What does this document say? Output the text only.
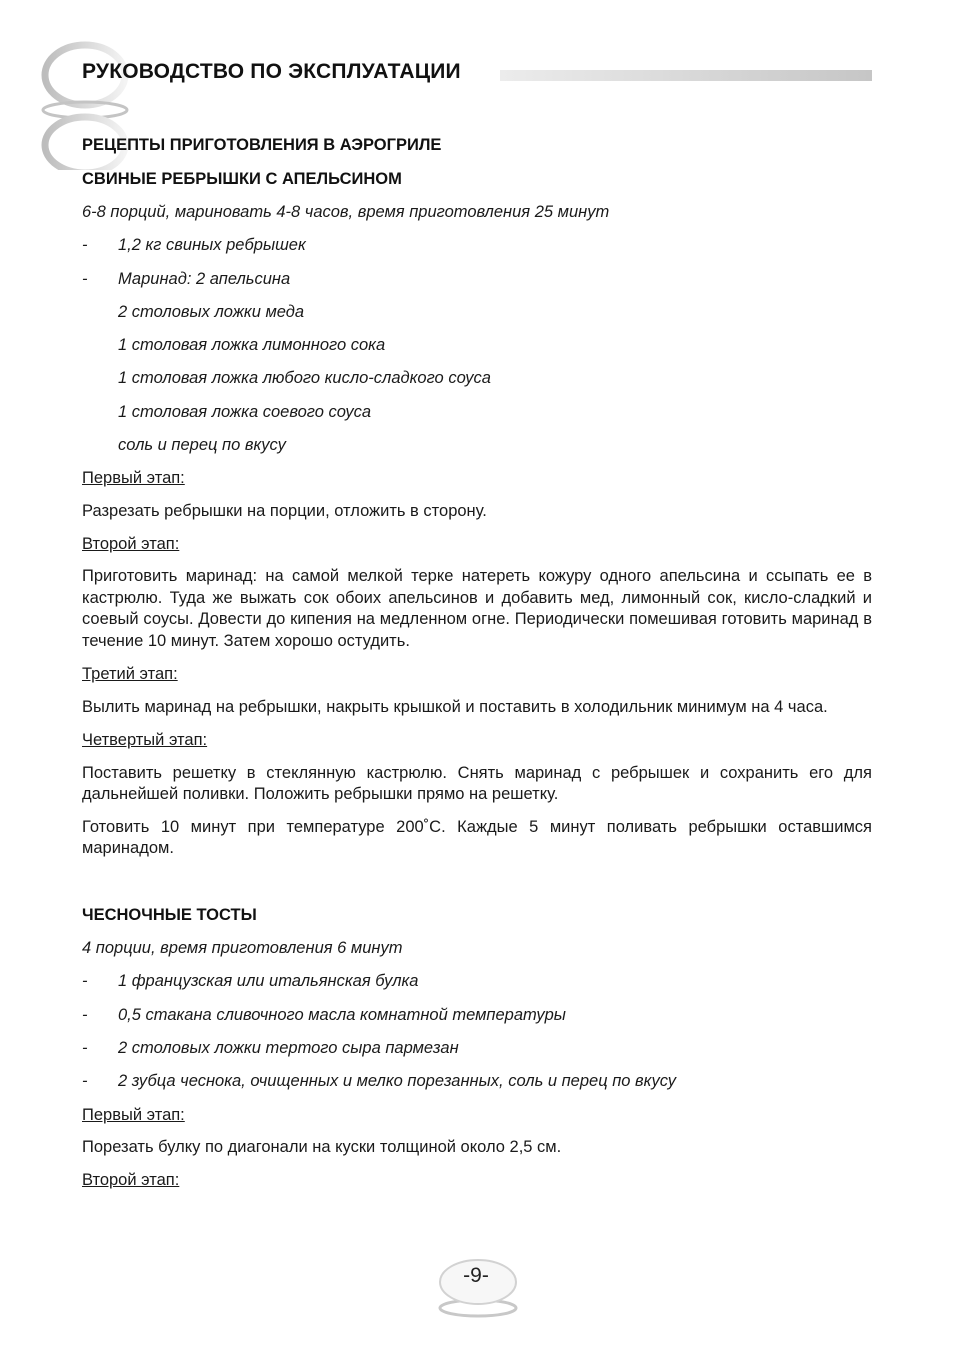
РУКОВОДСТВО ПО ЭКСПЛУАТАЦИИ

РЕЦЕПТЫ ПРИГОТОВЛЕНИЯ В АЭРОГРИЛЕ

СВИНЫЕ РЕБРЫШКИ С АПЕЛЬСИНОМ

6-8 порций, мариновать 4-8 часов, время приготовления 25 минут

-	1,2 кг свиных ребрышек
-	Маринад: 2 апельсина
2 столовых ложки меда
1 столовая ложка лимонного сока
1 столовая ложка любого кисло-сладкого соуса
1 столовая ложка соевого соуса
соль и перец по вкусу

Первый этап:

Разрезать ребрышки на порции, отложить в сторону.

Второй этап:

Приготовить маринад: на самой мелкой терке натереть кожуру одного апельсина и ссыпать ее в кастрюлю. Туда же выжать сок обоих апельсинов и добавить мед, лимонный сок, кисло-сладкий и соевый соусы. Довести до кипения на медленном огне. Периодически помешивая готовить маринад в течение 10 минут. Затем хорошо остудить.

Третий этап:

Вылить маринад на ребрышки, накрыть крышкой и поставить в холодильник минимум на 4 часа.

Четвертый этап:

Поставить решетку в стеклянную кастрюлю. Снять маринад с ребрышек и сохранить его для дальнейшей поливки. Положить ребрышки прямо на решетку.

Готовить 10 минут при температуре 200˚С. Каждые 5 минут поливать ребрышки оставшимся маринадом.

ЧЕСНОЧНЫЕ ТОСТЫ

4 порции, время приготовления 6 минут

-	1 французская или итальянская булка
-	0,5 стакана сливочного масла комнатной температуры
-	2 столовых ложки тертого сыра пармезан
-	2 зубца чеснока, очищенных и мелко порезанных, соль и перец по вкусу

Первый этап:

Порезать булку по диагонали на куски толщиной около 2,5 см.

Второй этап:

-9-
